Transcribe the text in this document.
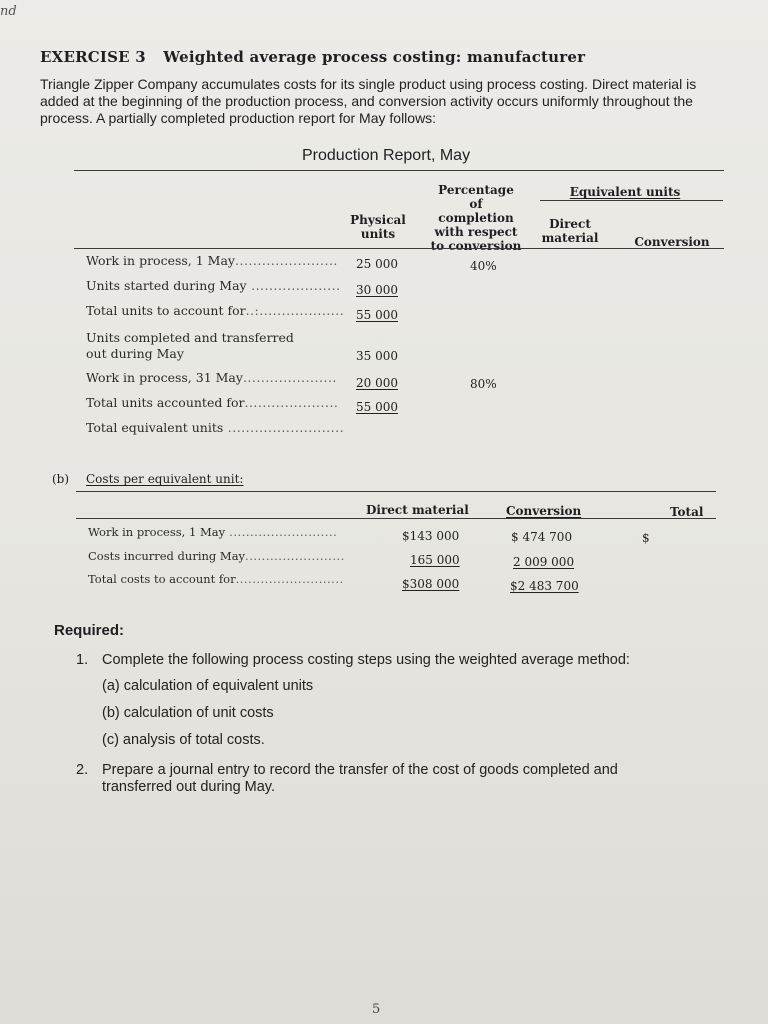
nd
EXERCISE 3 Weighted average process costing: manufacturer
Triangle Zipper Company accumulates costs for its single product using process costing. Direct material is added at the beginning of the production process, and conversion activity occurs uniformly throughout the process. A partially completed production report for May follows:
Production Report, May
Physical units
Percentage of completion with respect to conversion
Equivalent units
Direct material	Conversion
Work in process, 1 May....................... 25 000	40%
Units started during May .................... 30 000
Total units to account for..:................... 55 000
Units completed and transferred out during May	35 000
Work in process, 31 May..................... 20 000	80%
Total units accounted for..................... 55 000
Total equivalent units ..........................
(b) Costs per equivalent unit:
Direct material	Conversion	Total
Work in process, 1 May ..........................	$143 000	$ 474 700	$
Costs incurred during May........................	165 000	2 009 000
Total costs to account for..........................	$308 000	$2 483 700
Required:
1. Complete the following process costing steps using the weighted average method:
(a) calculation of equivalent units
(b) calculation of unit costs
(c) analysis of total costs.
2. Prepare a journal entry to record the transfer of the cost of goods completed and
transferred out during May.
5
